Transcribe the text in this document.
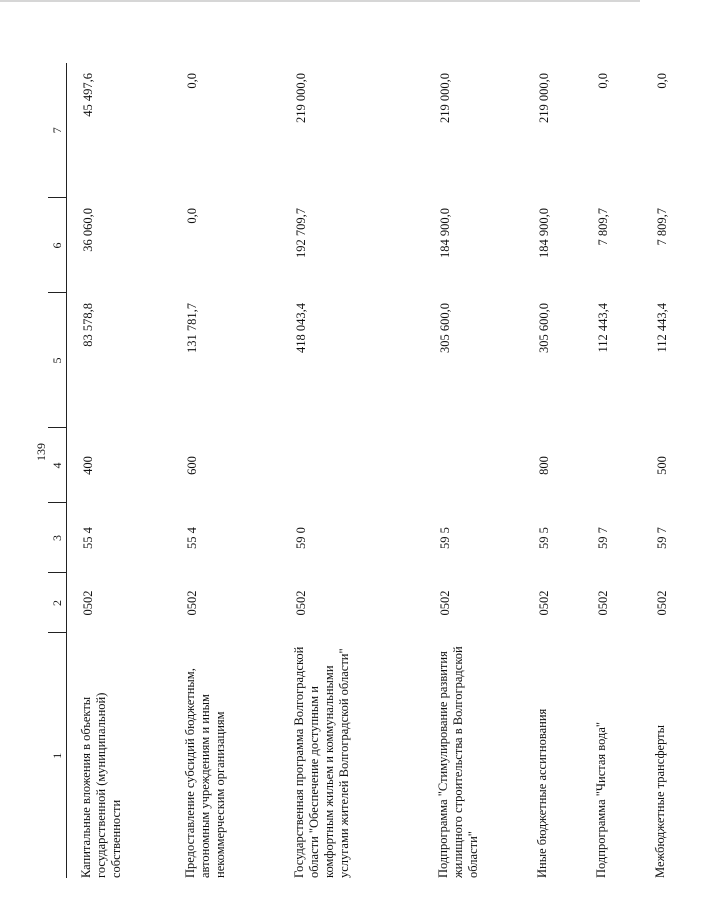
139
1	2	3	4	5	6	7
Капитальные вложения в объекты государственной (муниципальной) собственности	0502	55 4	400	83 578,8	36 060,0	45 497,6
Предоставление субсидий бюджетным, автономным учреждениям и иным некоммерческим организациям	0502	55 4	600	131 781,7	0,0	0,0
Государственная программа Волгоградской области "Обеспечение доступным и комфортным жильем и коммунальными услугами жителей Волгоградской области"	0502	59 0		418 043,4	192 709,7	219 000,0
Подпрограмма "Стимулирование развития жилищного строительства в Волгоградской области"	0502	59 5		305 600,0	184 900,0	219 000,0
Иные бюджетные ассигнования	0502	59 5	800	305 600,0	184 900,0	219 000,0
Подпрограмма "Чистая вода"	0502	59 7		112 443,4	7 809,7	0,0
Межбюджетные трансферты	0502	59 7	500	112 443,4	7 809,7	0,0
